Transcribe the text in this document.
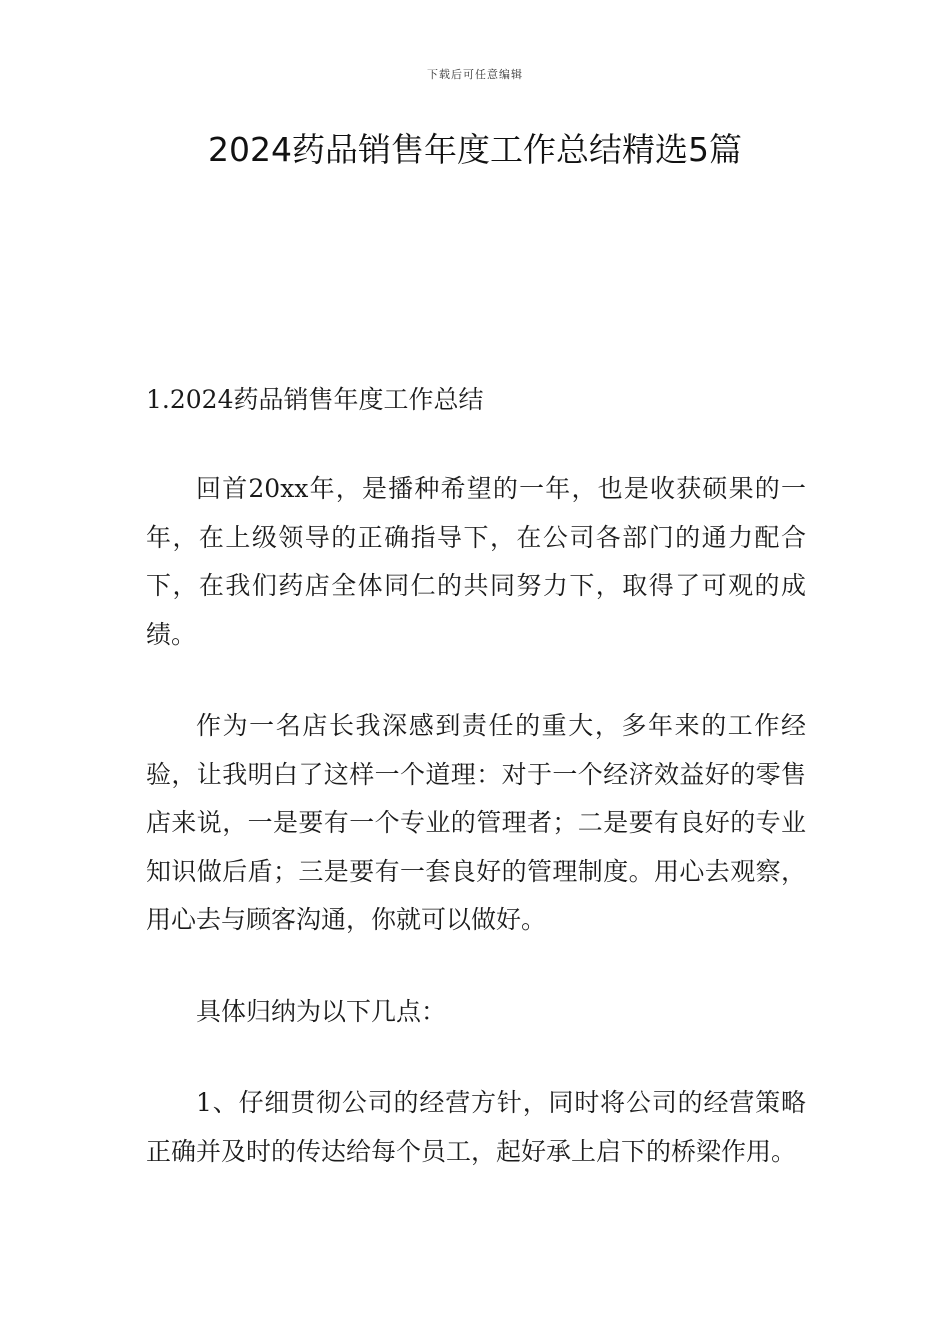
下载后可任意编辑
2024药品销售年度工作总结精选5篇
1.2024药品销售年度工作总结

回首20xx年，是播种希望的一年，也是收获硕果的一年，在上级领导的正确指导下，在公司各部门的通力配合下，在我们药店全体同仁的共同努力下，取得了可观的成绩。

作为一名店长我深感到责任的重大，多年来的工作经验，让我明白了这样一个道理：对于一个经济效益好的零售店来说，一是要有一个专业的管理者；二是要有良好的专业知识做后盾；三是要有一套良好的管理制度。用心去观察，用心去与顾客沟通，你就可以做好。

具体归纳为以下几点：

1、仔细贯彻公司的经营方针，同时将公司的经营策略正确并及时的传达给每个员工，起好承上启下的桥梁作用。
